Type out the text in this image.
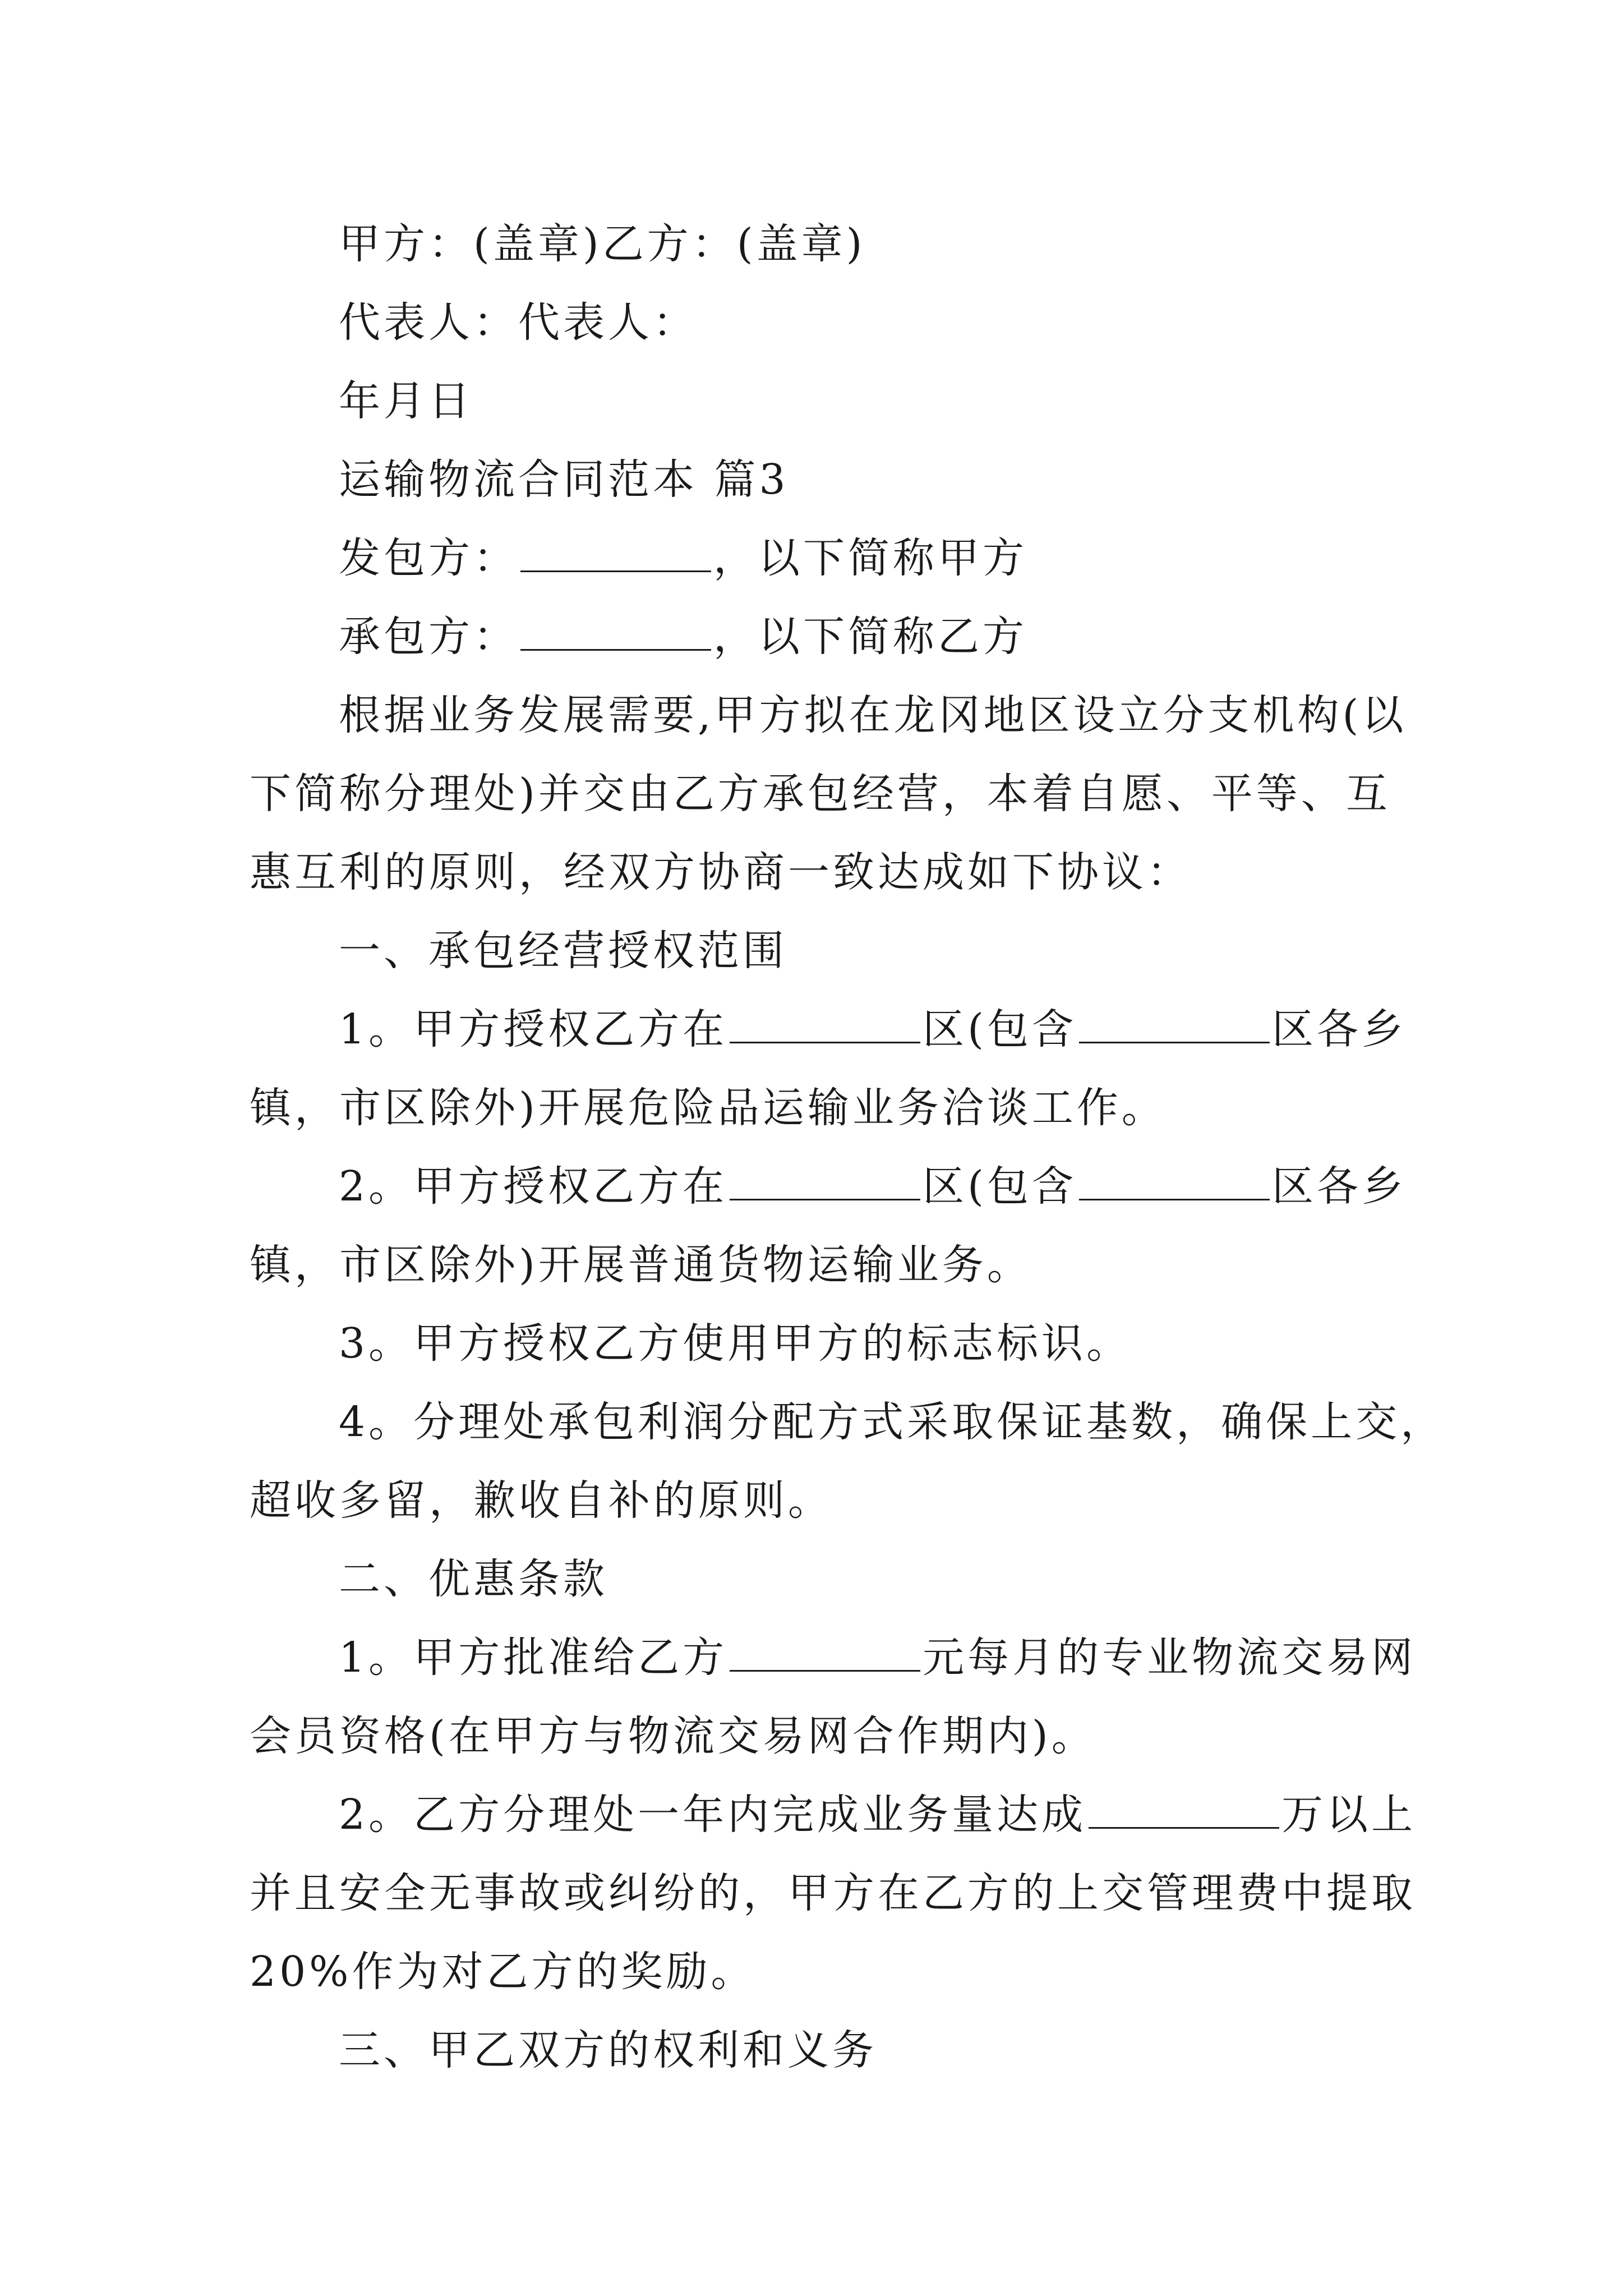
甲方：(盖章)乙方：(盖章)
代表人：代表人：
年月日
运输物流合同范本 篇3
发包方：	，以下简称甲方
承包方：	，以下简称乙方
根据业务发展需要,甲方拟在龙冈地区设立分支机构(以
下简称分理处)并交由乙方承包经营，本着自愿、平等、互
惠互利的原则，经双方协商一致达成如下协议：
一、承包经营授权范围
1。甲方授权乙方在	区(包含	区各乡
镇，市区除外)开展危险品运输业务洽谈工作。
2。甲方授权乙方在	区(包含	区各乡
镇，市区除外)开展普通货物运输业务。
3。甲方授权乙方使用甲方的标志标识。
4。分理处承包利润分配方式采取保证基数，确保上交，
超收多留，歉收自补的原则。
二、优惠条款
1。甲方批准给乙方	元每月的专业物流交易网
会员资格(在甲方与物流交易网合作期内)。
2。乙方分理处一年内完成业务量达成	万以上
并且安全无事故或纠纷的，甲方在乙方的上交管理费中提取
20%作为对乙方的奖励。
三、甲乙双方的权利和义务
